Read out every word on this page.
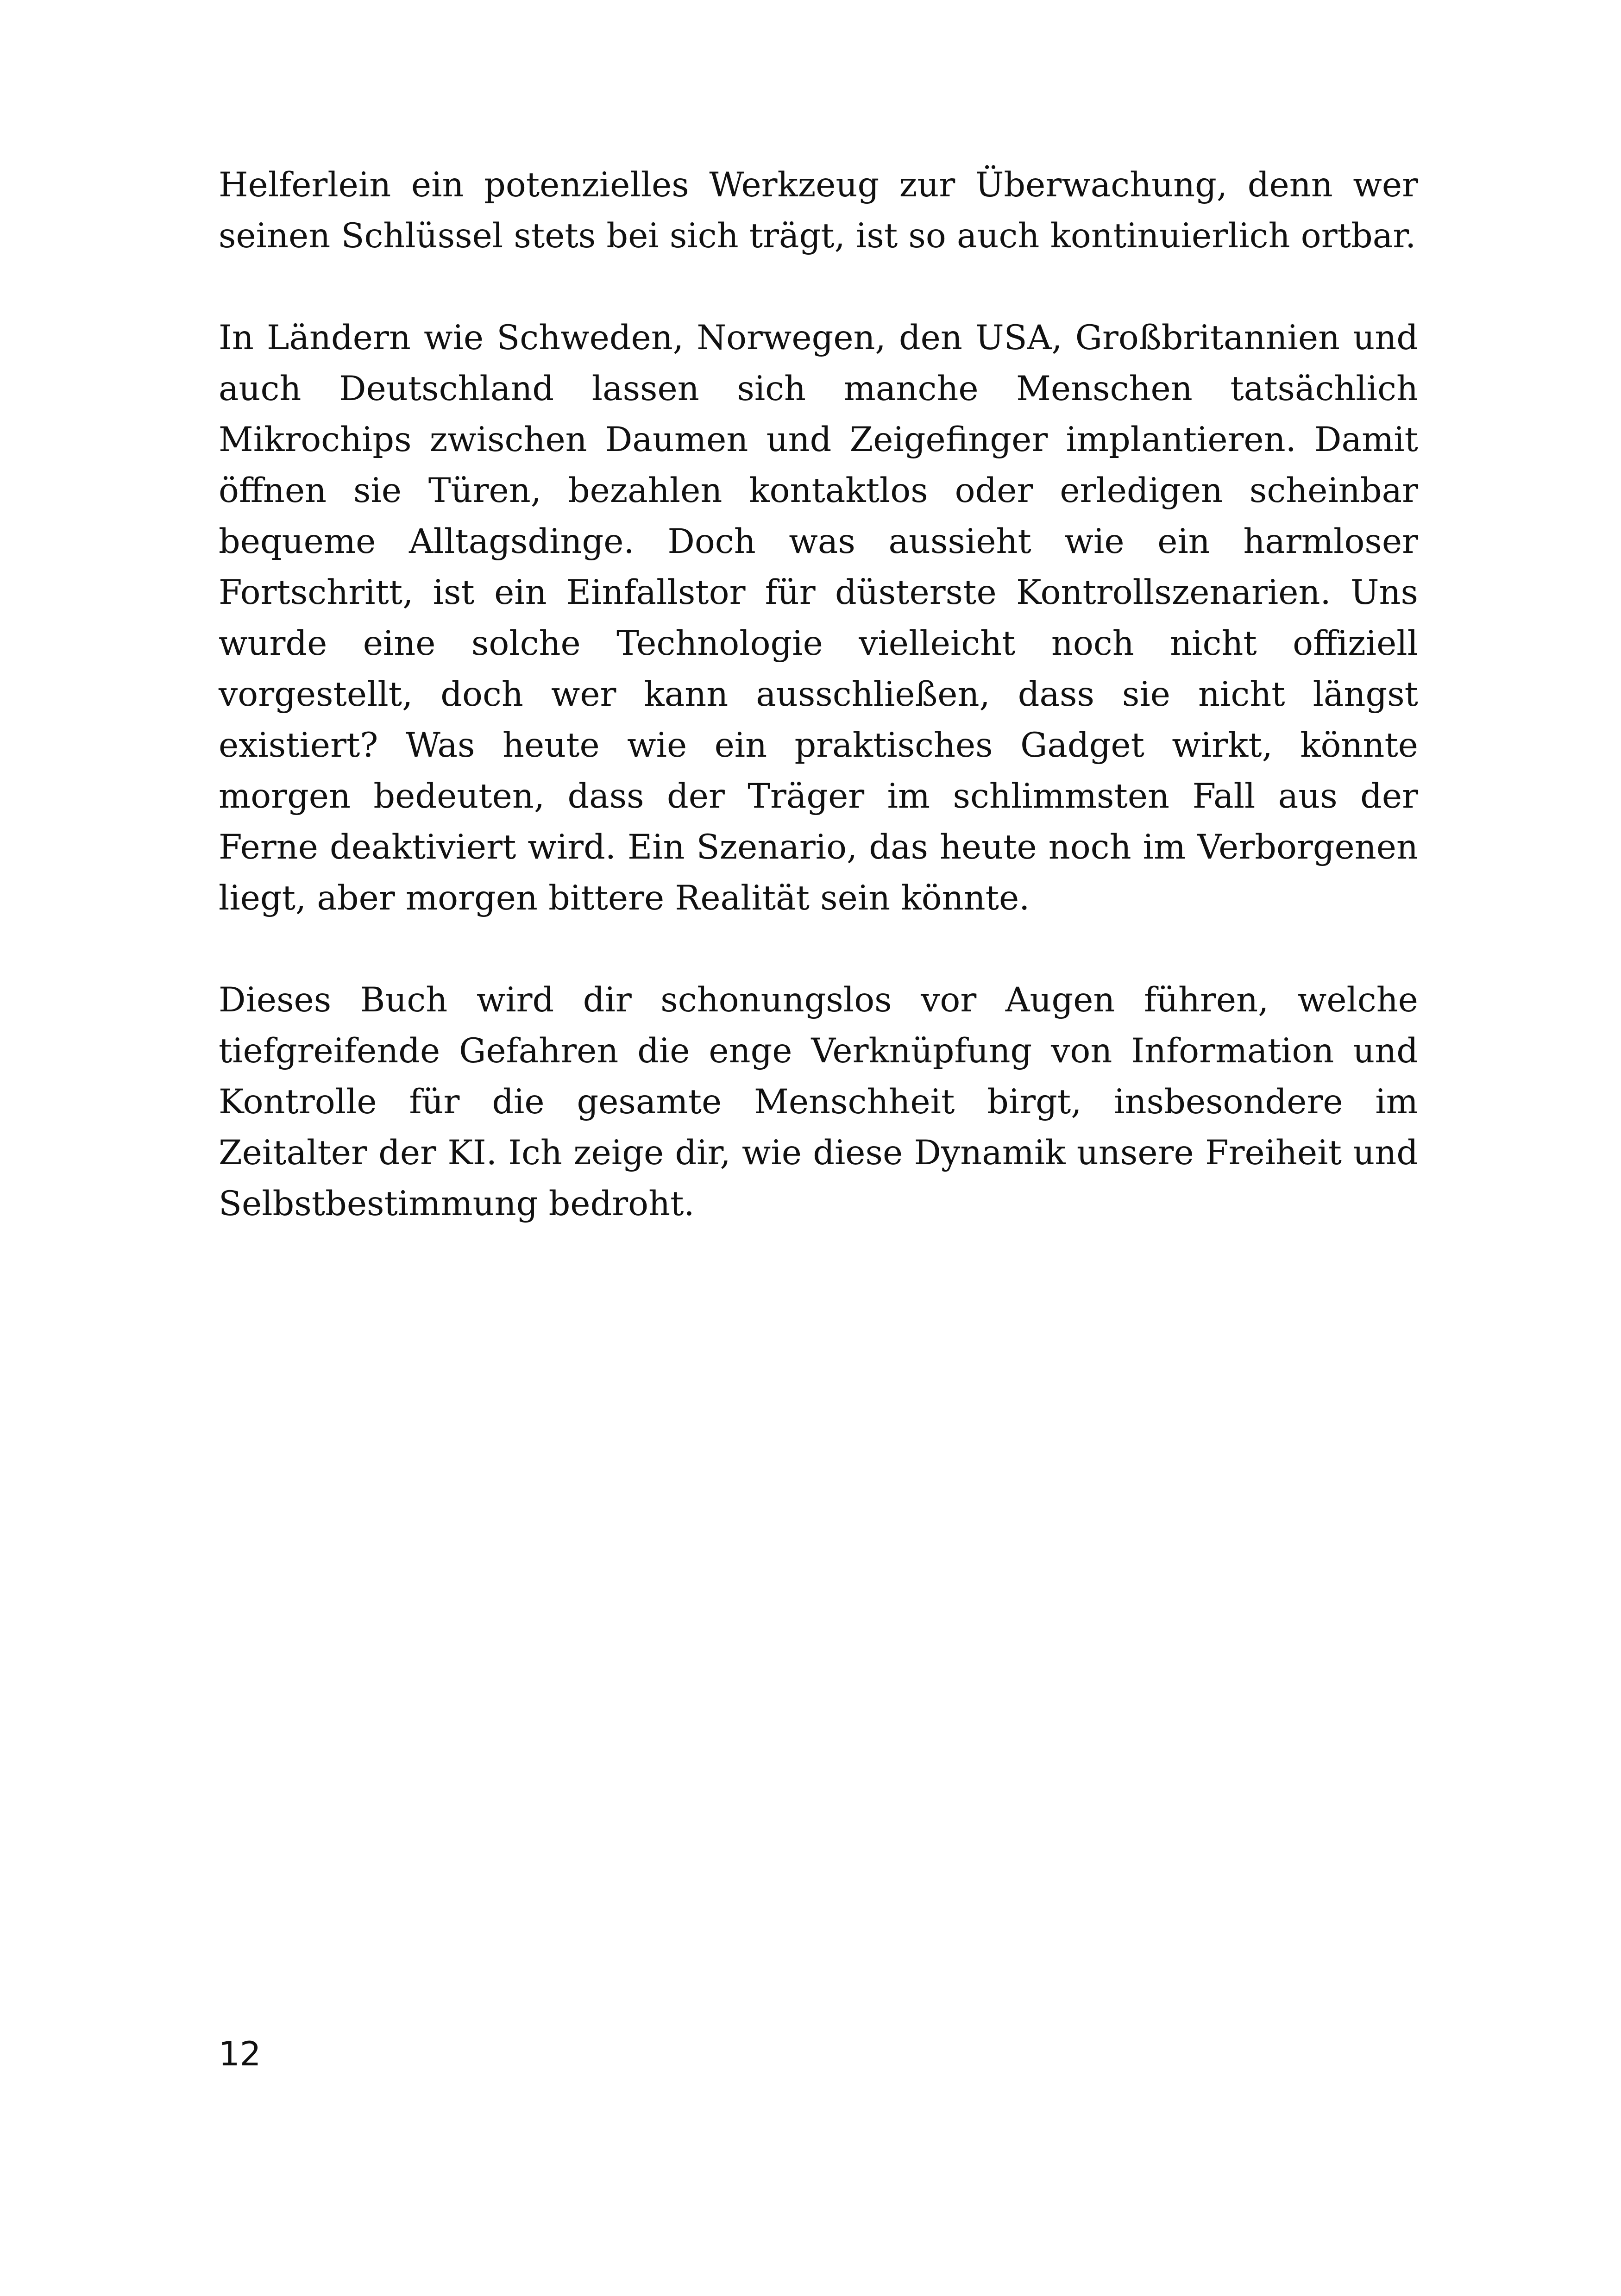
Helferlein ein potenzielles Werkzeug zur Überwachung, denn wer seinen Schlüssel stets bei sich trägt, ist so auch kontinuierlich ortbar.

In Ländern wie Schweden, Norwegen, den USA, Großbritannien und auch Deutschland lassen sich manche Menschen tatsächlich Mikrochips zwischen Daumen und Zeigefinger implantieren. Damit öffnen sie Türen, bezahlen kontaktlos oder erledigen scheinbar bequeme Alltagsdinge. Doch was aussieht wie ein harmloser Fortschritt, ist ein Einfallstor für düsterste Kontrollszenarien. Uns wurde eine solche Technologie vielleicht noch nicht offiziell vorgestellt, doch wer kann ausschließen, dass sie nicht längst existiert? Was heute wie ein praktisches Gadget wirkt, könnte morgen bedeuten, dass der Träger im schlimmsten Fall aus der Ferne deaktiviert wird. Ein Szenario, das heute noch im Verborgenen liegt, aber morgen bittere Realität sein könnte.

Dieses Buch wird dir schonungslos vor Augen führen, welche tiefgreifende Gefahren die enge Verknüpfung von Information und Kontrolle für die gesamte Menschheit birgt, insbesondere im Zeitalter der KI. Ich zeige dir, wie diese Dynamik unsere Freiheit und Selbstbestimmung bedroht.

12
